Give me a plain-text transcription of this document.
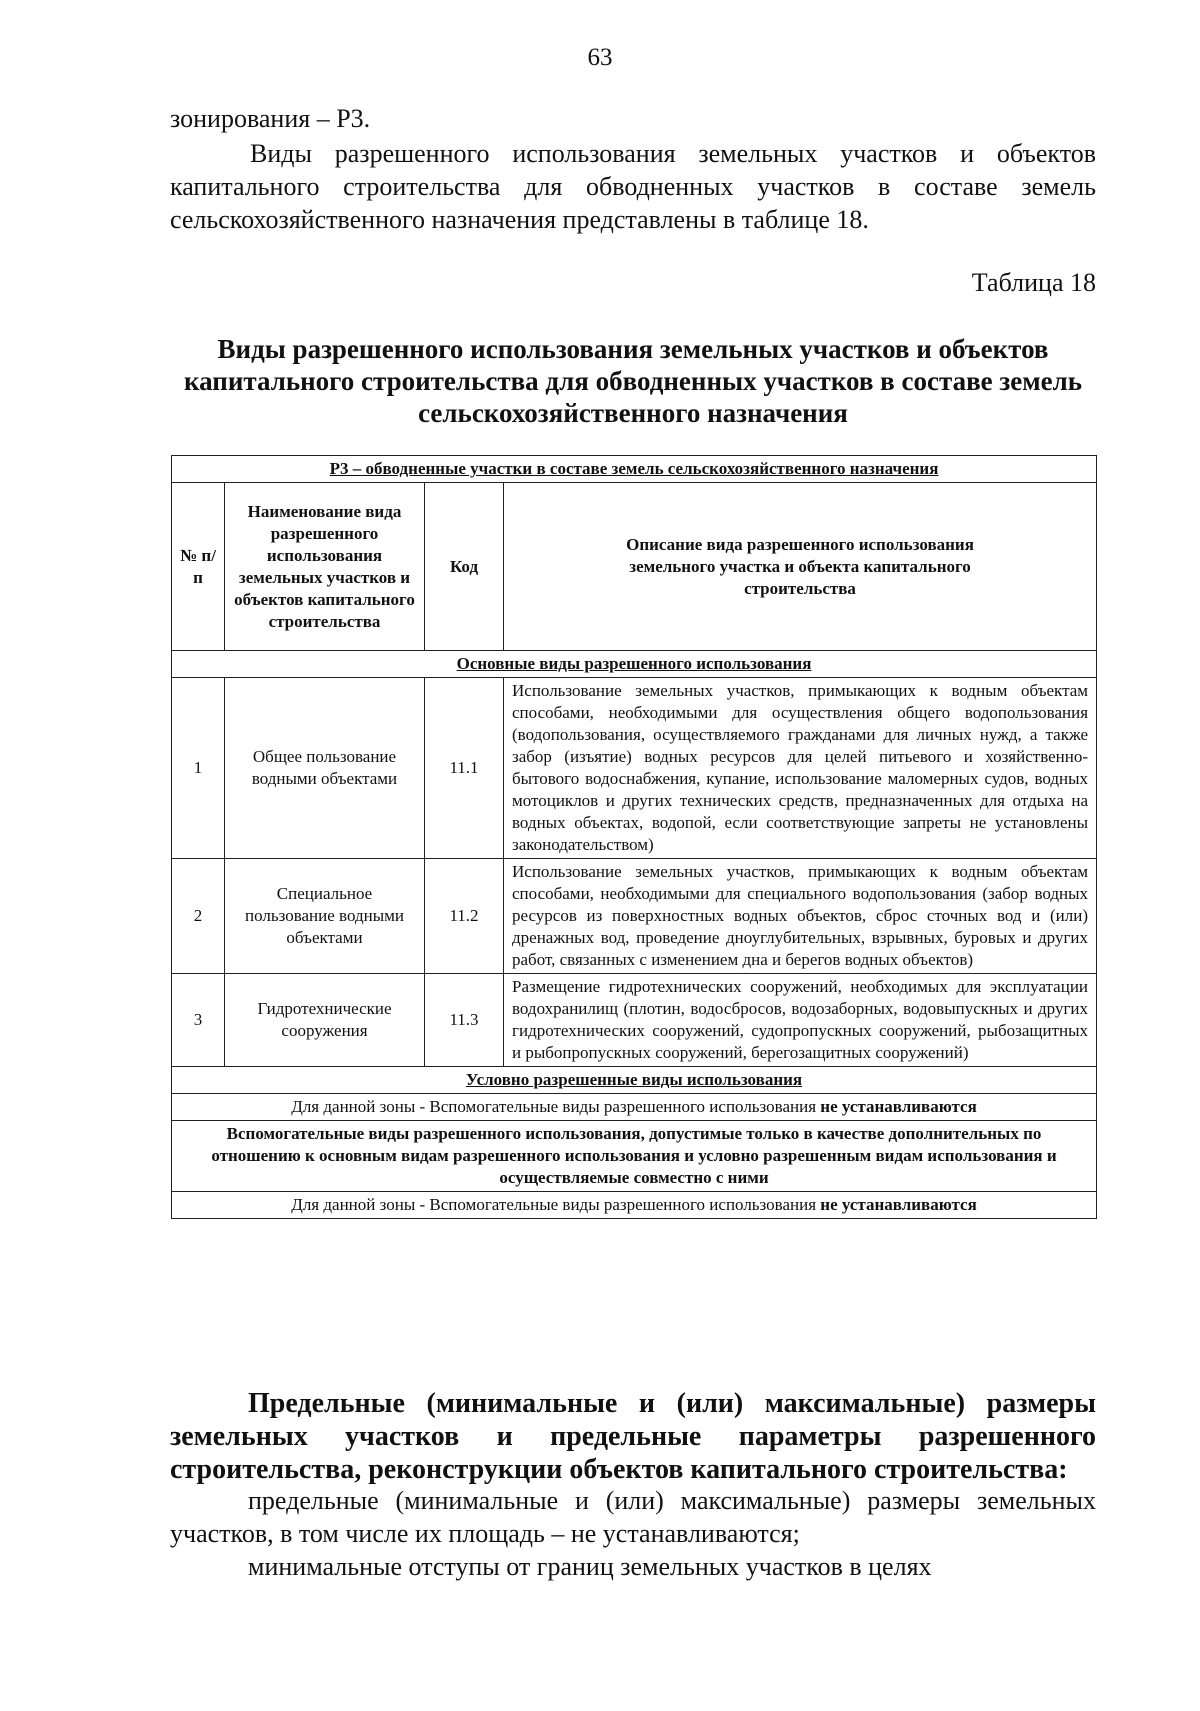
63

зонирования – Р3.

Виды разрешенного использования земельных участков и объектов капитального строительства для обводненных участков в составе земель сельскохозяйственного назначения представлены в таблице 18.

Таблица 18

Виды разрешенного использования земельных участков и объектов капитального строительства для обводненных участков в составе земель сельскохозяйственного назначения

Р3 – обводненные участки в составе земель сельскохозяйственного назначения			
№ п/п	Наименование вида разрешенного использования земельных участков и объектов капитального строительства	Код	Описание вида разрешенного использования земельного участка и объекта капитального строительства
Основные виды разрешенного использования			
1	Общее пользование водными объектами	11.1	Использование земельных участков, примыкающих к водным объектам способами, необходимыми для осуществления общего водопользования (водопользования, осуществляемого гражданами для личных нужд, а также забор (изъятие) водных ресурсов для целей питьевого и хозяйственно-бытового водоснабжения, купание, использование маломерных судов, водных мотоциклов и других технических средств, предназначенных для отдыха на водных объектах, водопой, если соответствующие запреты не установлены законодательством)
2	Специальное пользование водными объектами	11.2	Использование земельных участков, примыкающих к водным объектам способами, необходимыми для специального водопользования (забор водных ресурсов из поверхностных водных объектов, сброс сточных вод и (или) дренажных вод, проведение дноуглубительных, взрывных, буровых и других работ, связанных с изменением дна и берегов водных объектов)
3	Гидротехнические сооружения	11.3	Размещение гидротехнических сооружений, необходимых для эксплуатации водохранилищ (плотин, водосбросов, водозаборных, водовыпускных и других гидротехнических сооружений, судопропускных сооружений, рыбозащитных и рыбопропускных сооружений, берегозащитных сооружений)
Условно разрешенные виды использования			
Для данной зоны - Вспомогательные виды разрешенного использования не устанавливаются			
Вспомогательные виды разрешенного использования, допустимые только в качестве дополнительных по отношению к основным видам разрешенного использования и условно разрешенным видам использования и осуществляемые совместно с ними			
Для данной зоны - Вспомогательные виды разрешенного использования не устанавливаются			

Предельные (минимальные и (или) максимальные) размеры земельных участков и предельные параметры разрешенного строительства, реконструкции объектов капитального строительства:

предельные (минимальные и (или) максимальные) размеры земельных участков, в том числе их площадь – не устанавливаются;

минимальные отступы от границ земельных участков в целях
